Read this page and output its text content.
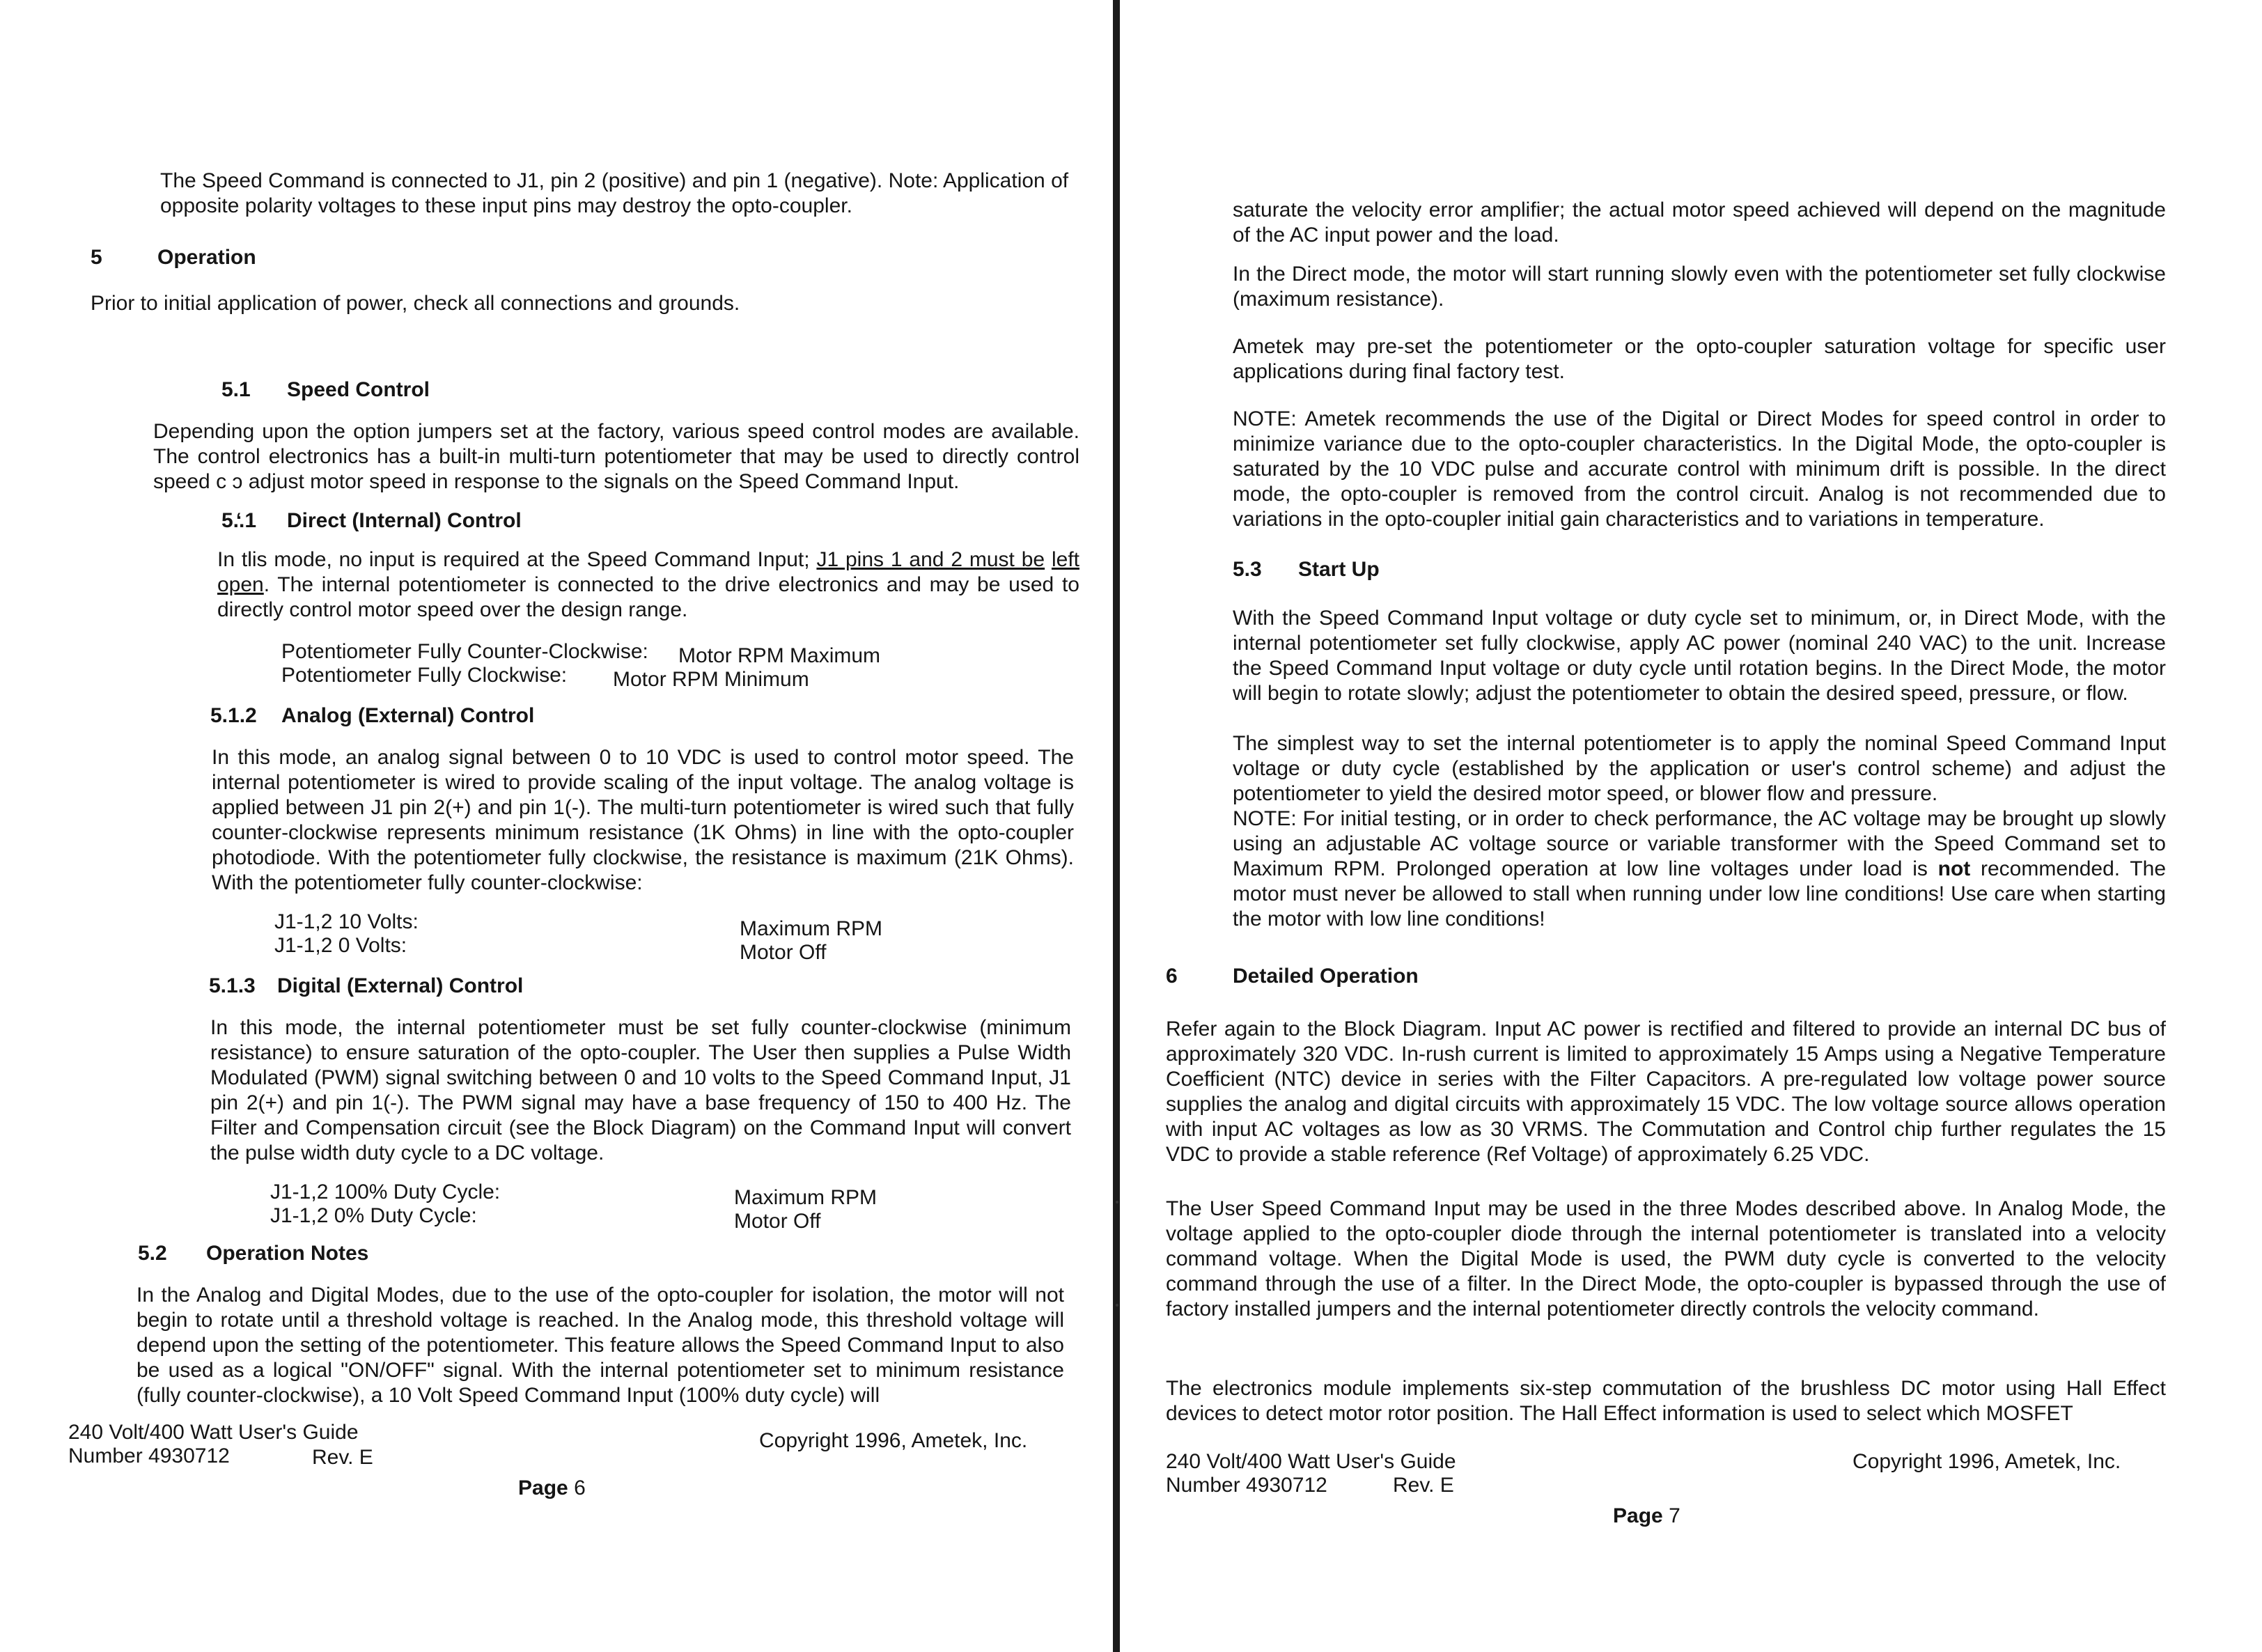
The Speed Command is connected to J1, pin 2 (positive) and pin 1 (negative). Note: Application of opposite polarity voltages to these input pins may destroy the opto-coupler.

5	Operation

Prior to initial application of power, check all connections and grounds.

5.1 Speed Control

Depending upon the option jumpers set at the factory, various speed control modes are available. The control electronics has a built-in multi-turn potentiometer that may be used to directly control speed c ɔ adjust motor speed in response to the signals on the Speed Command Input.

5.̒.1 Direct (Internal) Control

In tlis mode, no input is required at the Speed Command Input; J1 pins 1 and 2 must be left open. The internal potentiometer is connected to the drive electronics and may be used to directly control motor speed over the design range.

Potentiometer Fully Counter-Clockwise: Motor RPM Maximum
Potentiometer Fully Clockwise: Motor RPM Minimum
5.1.2 Analog (External) Control

In this mode, an analog signal between 0 to 10 VDC is used to control motor speed. The internal potentiometer is wired to provide scaling of the input voltage. The analog voltage is applied between J1 pin 2(+) and pin 1(-). The multi-turn potentiometer is wired such that fully counter-clockwise represents minimum resistance (1K Ohms) in line with the opto-coupler photodiode. With the potentiometer fully clockwise, the resistance is maximum (21K Ohms). With the potentiometer fully counter-clockwise:

J1-1,2 10 Volts:	Maximum RPM
J1-1,2 0 Volts:	Motor Off
5.1.3 Digital (External) Control

In this mode, the internal potentiometer must be set fully counter-clockwise (minimum resistance) to ensure saturation of the opto-coupler. The User then supplies a Pulse Width Modulated (PWM) signal switching between 0 and 10 volts to the Speed Command Input, J1 pin 2(+) and pin 1(-). The PWM signal may have a base frequency of 150 to 400 Hz. The Filter and Compensation circuit (see the Block Diagram) on the Command Input will convert the pulse width duty cycle to a DC voltage.

J1-1,2 100% Duty Cycle:	Maximum RPM
J1-1,2 0% Duty Cycle:	Motor Off
5.2 Operation Notes

In the Analog and Digital Modes, due to the use of the opto-coupler for isolation, the motor will not begin to rotate until a threshold voltage is reached. In the Analog mode, this threshold voltage will depend upon the setting of the potentiometer. This feature allows the Speed Command Input to also be used as a logical "ON/OFF" signal. With the internal potentiometer set to minimum resistance (fully counter-clockwise), a 10 Volt Speed Command Input (100% duty cycle) will

240 Volt/400 Watt User's Guide
Number 4930712	Rev. E
Copyright 1996, Ametek, Inc.
Page 6

saturate the velocity error amplifier; the actual motor speed achieved will depend on the magnitude of the AC input power and the load.

In the Direct mode, the motor will start running slowly even with the potentiometer set fully clockwise (maximum resistance).

Ametek may pre-set the potentiometer or the opto-coupler saturation voltage for specific user applications during final factory test.

NOTE: Ametek recommends the use of the Digital or Direct Modes for speed control in order to minimize variance due to the opto-coupler characteristics. In the Digital Mode, the opto-coupler is saturated by the 10 VDC pulse and accurate control with minimum drift is possible. In the direct mode, the opto-coupler is removed from the control circuit. Analog is not recommended due to variations in the opto-coupler initial gain characteristics and to variations in temperature.

5.3 Start Up

With the Speed Command Input voltage or duty cycle set to minimum, or, in Direct Mode, with the internal potentiometer set fully clockwise, apply AC power (nominal 240 VAC) to the unit. Increase the Speed Command Input voltage or duty cycle until rotation begins. In the Direct Mode, the motor will begin to rotate slowly; adjust the potentiometer to obtain the desired speed, pressure, or flow.

The simplest way to set the internal potentiometer is to apply the nominal Speed Command Input voltage or duty cycle (established by the application or user's control scheme) and adjust the potentiometer to yield the desired motor speed, or blower flow and pressure.

NOTE: For initial testing, or in order to check performance, the AC voltage may be brought up slowly using an adjustable AC voltage source or variable transformer with the Speed Command set to Maximum RPM. Prolonged operation at low line voltages under load is not recommended. The motor must never be allowed to stall when running under low line conditions! Use care when starting the motor with low line conditions!

6	Detailed Operation

Refer again to the Block Diagram. Input AC power is rectified and filtered to provide an internal DC bus of approximately 320 VDC. In-rush current is limited to approximately 15 Amps using a Negative Temperature Coefficient (NTC) device in series with the Filter Capacitors. A pre-regulated low voltage power source supplies the analog and digital circuits with approximately 15 VDC. The low voltage source allows operation with input AC voltages as low as 30 VRMS. The Commutation and Control chip further regulates the 15 VDC to provide a stable reference (Ref Voltage) of approximately 6.25 VDC.

The User Speed Command Input may be used in the three Modes described above. In Analog Mode, the voltage applied to the opto-coupler diode through the internal potentiometer is translated into a velocity command voltage. When the Digital Mode is used, the PWM duty cycle is converted to the velocity command through the use of a filter. In the Direct Mode, the opto-coupler is bypassed through the use of factory installed jumpers and the internal potentiometer directly controls the velocity command.

The electronics module implements six-step commutation of the brushless DC motor using Hall Effect devices to detect motor rotor position. The Hall Effect information is used to select which MOSFET

240 Volt/400 Watt User's Guide
Number 4930712	Rev. E
Copyright 1996, Ametek, Inc.
Page 7
